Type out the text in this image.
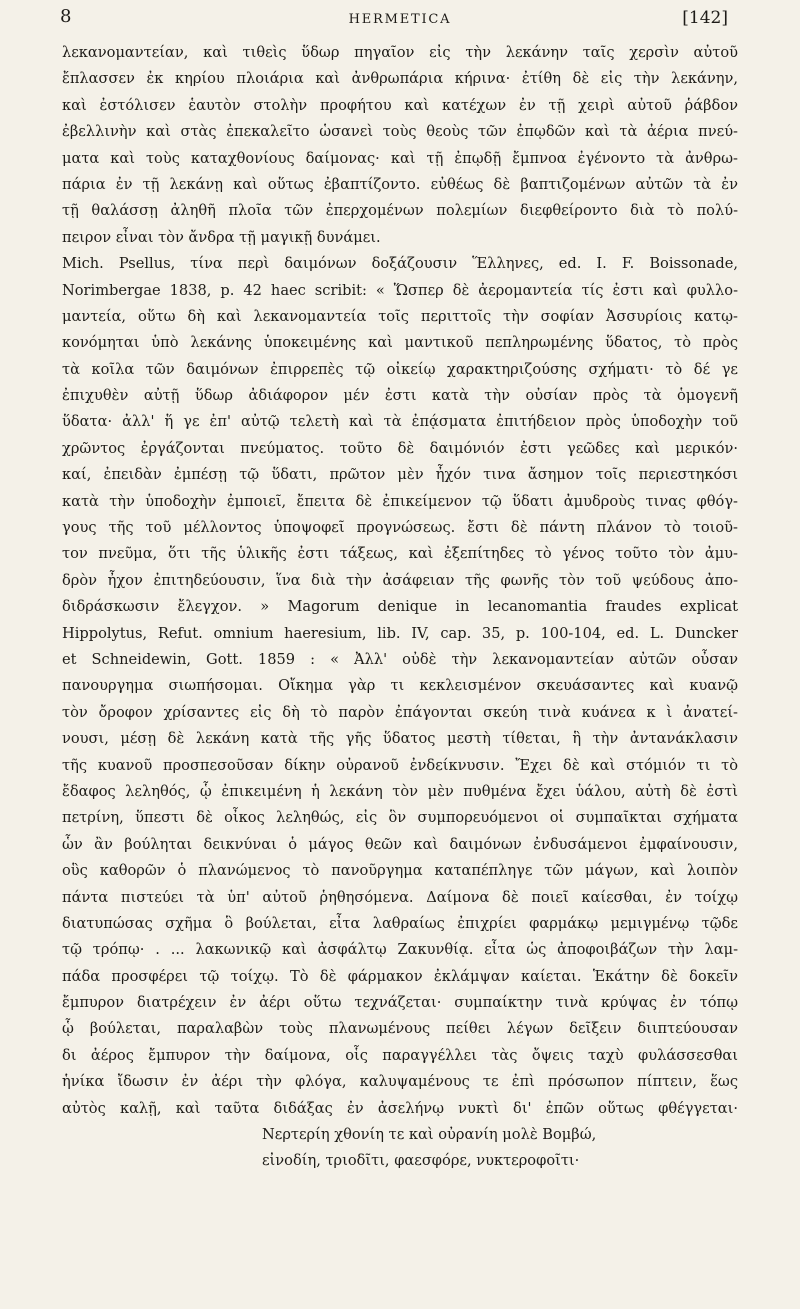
8	HERMETICA	[142]
λεκανομαντείαν, καὶ τιθεὶς ὕδωρ πηγαῖον εἰς τὴν λεκάνην ταῖς χερσὶν αὐτοῦ
ἔπλασσεν ἐκ κηρίου πλοιάρια καὶ ἀνθρωπάρια κήρινα· ἐτίθη δὲ εἰς τὴν λεκάνην,
καὶ ἐστόλισεν ἑαυτὸν στολὴν προφήτου καὶ κατέχων ἐν τῇ χειρὶ αὐτοῦ ῥάβδον
ἐβελλινὴν καὶ στὰς ἐπεκαλεῖτο ὡσανεὶ τοὺς θεοὺς τῶν ἐπῳδῶν καὶ τὰ ἀέρια πνεύ-
ματα καὶ τοὺς καταχθονίους δαίμονας· καὶ τῇ ἐπῳδῇ ἔμπνοα ἐγένοντο τὰ ἀνθρω-
πάρια ἐν τῇ λεκάνῃ καὶ οὕτως ἐβαπτίζοντο. εὐθέως δὲ βαπτιζομένων αὐτῶν τὰ ἐν
τῇ θαλάσσῃ ἀληθῆ πλοῖα τῶν ἐπερχομένων πολεμίων διεφθείροντο διὰ τὸ πολύ-
πειρον εἶναι τὸν ἄνδρα τῇ μαγικῇ δυνάμει.
Mich. Psellus, τίνα περὶ δαιμόνων δοξάζουσιν Ἕλληνες, ed. I. F. Boissonade,
Norimbergae 1838, p. 42 haec scribit: « Ὥσπερ δὲ ἀερομαντεία τίς ἐστι καὶ φυλλο-
μαντεία, οὕτω δὴ καὶ λεκανομαντεία τοῖς περιττοῖς τὴν σοφίαν Ἀσσυρίοις κατῳ-
κονόμηται ὑπὸ λεκάνης ὑποκειμένης καὶ μαντικοῦ πεπληρωμένης ὕδατος, τὸ πρὸς
τὰ κοῖλα τῶν δαιμόνων ἐπιρρεπὲς τῷ οἰκείῳ χαρακτηριζούσης σχήματι· τὸ δέ γε
ἐπιχυθὲν αὐτῇ ὕδωρ ἀδιάφορον μέν ἐστι κατὰ τὴν οὐσίαν πρὸς τὰ ὁμογενῆ
ὕδατα· ἀλλ' ἥ γε ἐπ' αὐτῷ τελετὴ καὶ τὰ ἐπᾴσματα ἐπιτήδειον πρὸς ὑποδοχὴν τοῦ
χρῶντος ἐργάζονται πνεύματος. τοῦτο δὲ δαιμόνιόν ἐστι γεῶδες καὶ μερικόν·
καί, ἐπειδὰν ἐμπέσῃ τῷ ὕδατι, πρῶτον μὲν ἦχόν τινα ἄσημον τοῖς περιεστηκόσι
κατὰ τὴν ὑποδοχὴν ἐμποιεῖ, ἔπειτα δὲ ἐπικείμενον τῷ ὕδατι ἀμυδροὺς τινας φθόγ-
γους τῆς τοῦ μέλλοντος ὑποψοφεῖ προγνώσεως. ἔστι δὲ πάντη πλάνον τὸ τοιοῦ-
τον πνεῦμα, ὅτι τῆς ὑλικῆς ἐστι τάξεως, καὶ ἐξεπίτηδες τὸ γένος τοῦτο τὸν ἀμυ-
δρὸν ἦχον ἐπιτηδεύουσιν, ἵνα διὰ τὴν ἀσάφειαν τῆς φωνῆς τὸν τοῦ ψεύδους ἀπο-
διδράσκωσιν ἔλεγχον. » Magorum denique in lecanomantia fraudes explicat
Hippolytus, Refut. omnium haeresium, lib. IV, cap. 35, p. 100-104, ed. L. Duncker
et Schneidewin, Gott. 1859 : « Ἀλλ' οὐδὲ τὴν λεκανομαντείαν αὐτῶν οὖσαν
πανουργημα σιωπήσομαι. Οἴκημα γὰρ τι κεκλεισμένον σκευάσαντες καὶ κυανῷ
τὸν ὄροφον χρίσαντες εἰς δὴ τὸ παρὸν ἐπάγονται σκεύη τινὰ κυάνεα κ ὶ ἀνατεί-
νουσι, μέσῃ δὲ λεκάνη κατὰ τῆς γῆς ὕδατος μεστὴ τίθεται, ἣ τὴν ἀντανάκλασιν
τῆς κυανοῦ προσπεσοῦσαν δίκην οὐρανοῦ ἐνδείκνυσιν. Ἔχει δὲ καὶ στόμιόν τι τὸ
ἔδαφος λεληθός, ᾧ ἐπικειμένη ἡ λεκάνη τὸν μὲν πυθμένα ἔχει ὑάλου, αὐτὴ δὲ ἐστὶ
πετρίνη, ὕπεστι δὲ οἶκος λεληθώς, εἰς ὃν συμπορευόμενοι οἱ συμπαῖκται σχήματα
ὧν ἂν βούληται δεικνύναι ὁ μάγος θεῶν καὶ δαιμόνων ἐνδυσάμενοι ἐμφαίνουσιν,
οὓς καθορῶν ὁ πλανώμενος τὸ πανοῦργημα καταπέπληγε τῶν μάγων, καὶ λοιπὸν
πάντα πιστεύει τὰ ὑπ' αὐτοῦ ῥηθησόμενα. Δαίμονα δὲ ποιεῖ καίεσθαι, ἐν τοίχῳ
διατυπώσας σχῆμα ὃ βούλεται, εἶτα λαθραίως ἐπιχρίει φαρμάκῳ μεμιγμένῳ τῷδε
τῷ τρόπῳ· . ... λακωνικῷ καὶ ἀσφάλτῳ Ζακυνθίᾳ. εἶτα ὡς ἀποφοιβάζων τὴν λαμ-
πάδα προσφέρει τῷ τοίχῳ. Τὸ δὲ φάρμακον ἐκλάμψαν καίεται. Ἑκάτην δὲ δοκεῖν
ἔμπυρον διατρέχειν ἐν ἀέρι οὕτω τεχνάζεται· συμπαίκτην τινὰ κρύψας ἐν τόπῳ
ᾧ βούλεται, παραλαβὼν τοὺς πλανωμένους πείθει λέγων δεῖξειν διιπτεύουσαν
δι ἀέρος ἔμπυρον τὴν δαίμονα, οἷς παραγγέλλει τὰς ὄψεις ταχὺ φυλάσσεσθαι
ἡνίκα ἴδωσιν ἐν ἀέρι τὴν φλόγα, καλυψαμένους τε ἐπὶ πρόσωπον πίπτειν, ἕως
αὐτὸς καλῇ, καὶ ταῦτα διδάξας ἐν ἀσελήνῳ νυκτὶ δι' ἐπῶν οὕτως φθέγγεται·
Νερτερίη χθονίη τε καὶ οὐρανίη μολὲ Βομβώ,
εἰνοδίη, τριοδῖτι, φαεσφόρε, νυκτεροφοῖτι·
